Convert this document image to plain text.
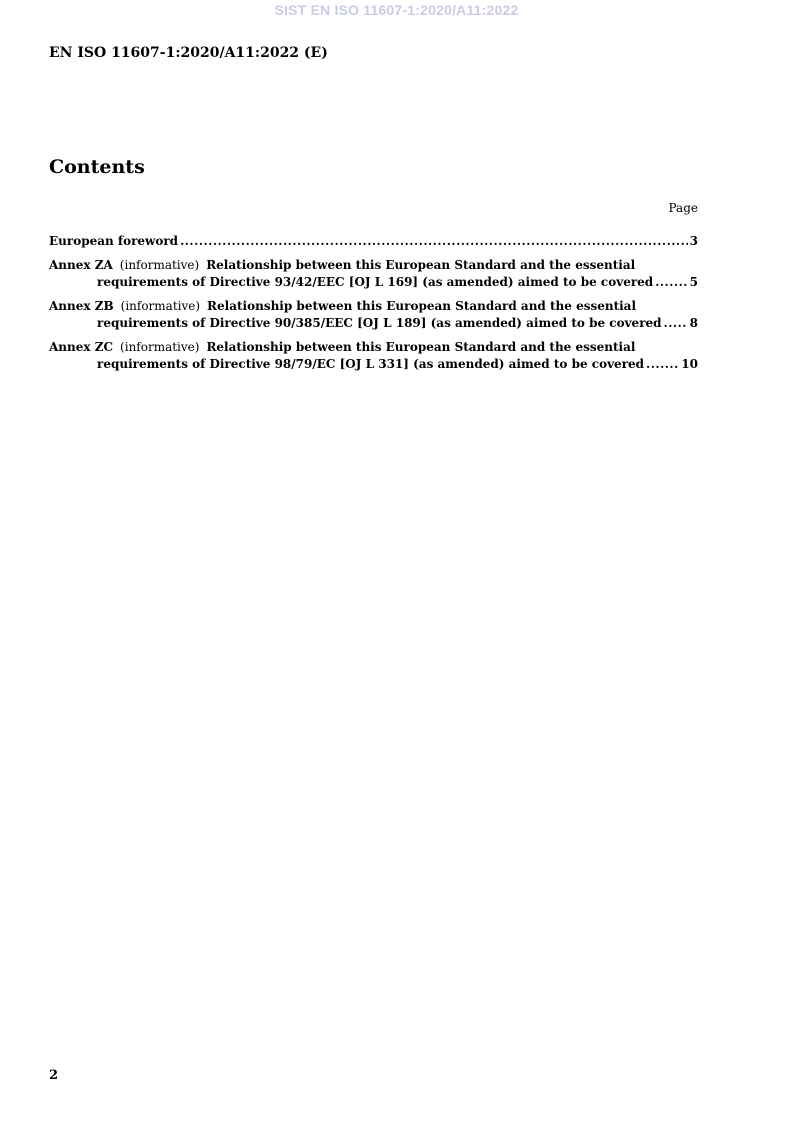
SIST EN ISO 11607-1:2020/A11:2022
EN ISO 11607-1:2020/A11:2022 (E)
Contents
Page
European foreword .....	3
Annex ZA (informative) Relationship between this European Standard and the essential
requirements of Directive 93/42/EEC [OJ L 169] (as amended) aimed to be covered .....	5
Annex ZB (informative) Relationship between this European Standard and the essential
requirements of Directive 90/385/EEC [OJ L 189] (as amended) aimed to be covered ..... 8
Annex ZC (informative) Relationship between this European Standard and the essential
requirements of Directive 98/79/EC [OJ L 331] (as amended) aimed to be covered .....	10
2
